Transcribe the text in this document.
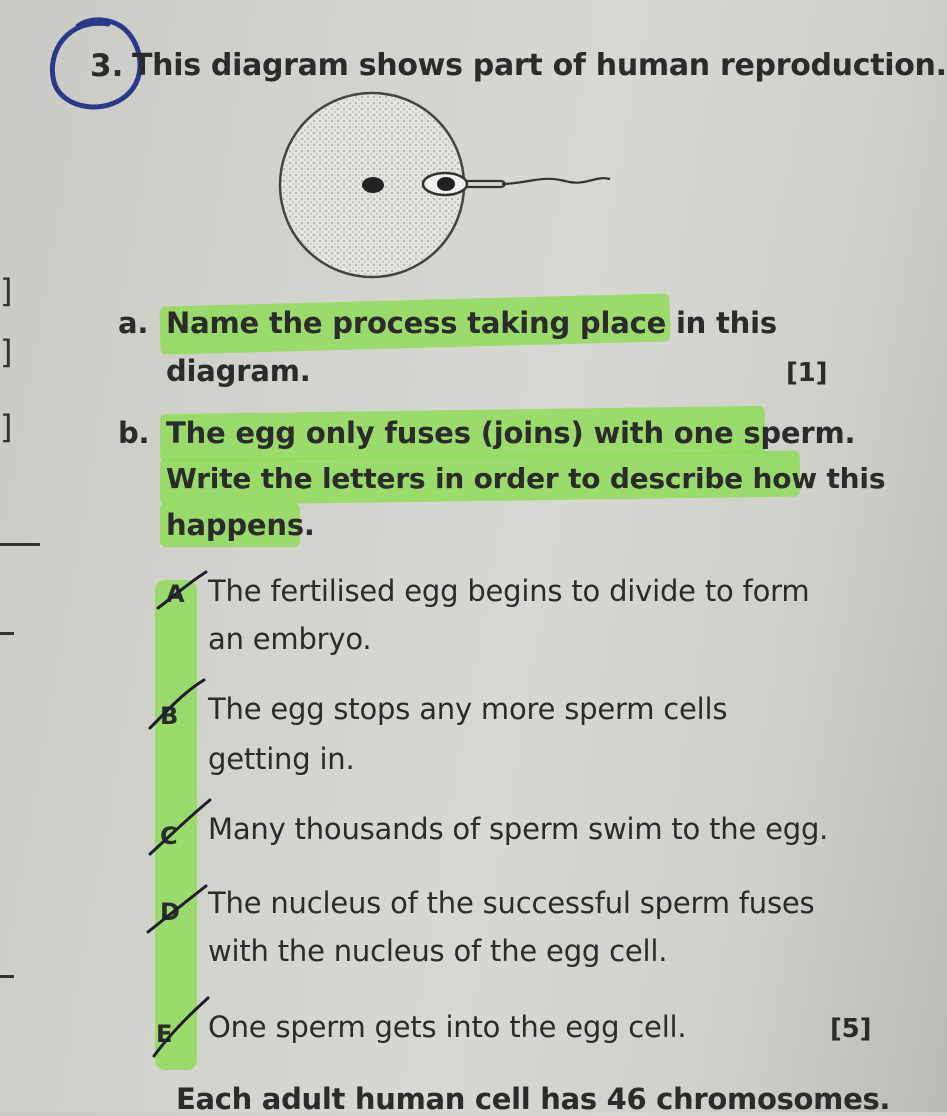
3. This diagram shows part of human reproduction.
]
]
]
a. Name the process taking place in this
diagram.	[1]
b. The egg only fuses (joins) with one sperm.
Write the letters in order to describe how this
happens.
A The fertilised egg begins to divide to form
an embryo.
B The egg stops any more sperm cells
getting in.
C Many thousands of sperm swim to the egg.
D The nucleus of the successful sperm fuses
with the nucleus of the egg cell.
E One sperm gets into the egg cell.	[5]
Each adult human cell has 46 chromosomes.
